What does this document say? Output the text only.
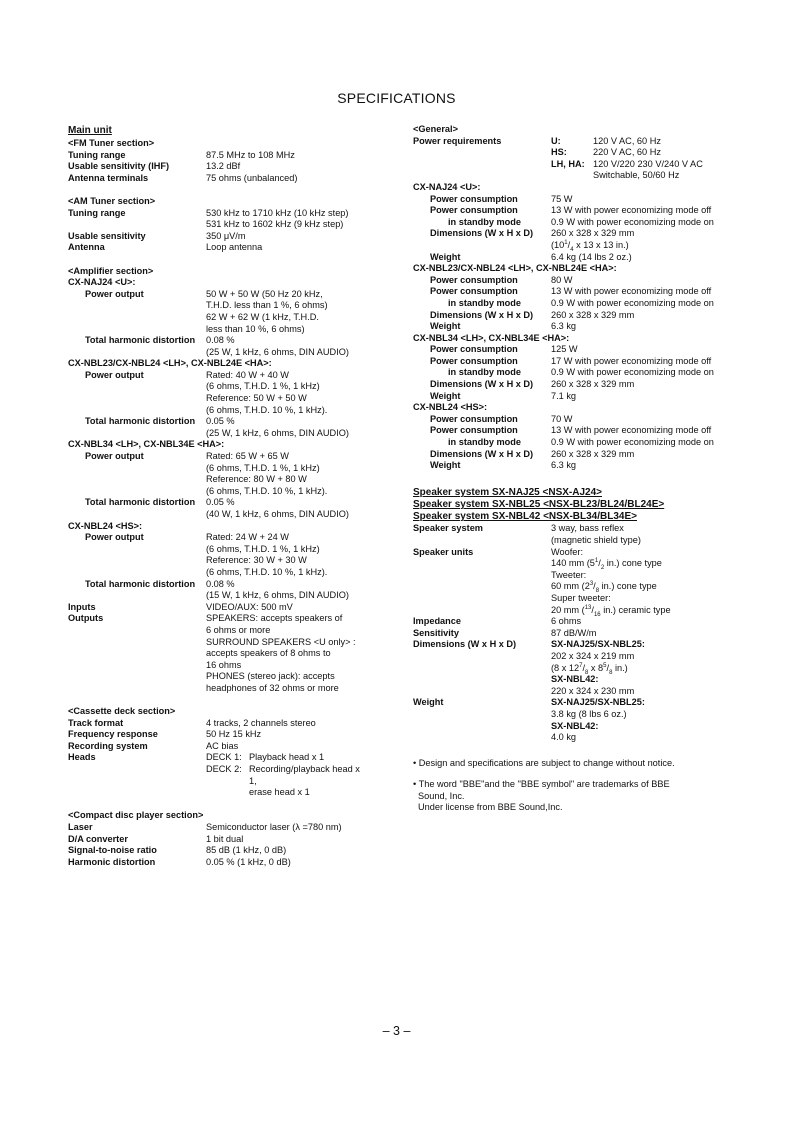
SPECIFICATIONS
Main unit
<FM Tuner section>
Tuning range	87.5 MHz to 108 MHz
Usable sensitivity (IHF)	13.2 dBf
Antenna terminals	75 ohms (unbalanced)
<AM Tuner section>
Tuning range	530 kHz to 1710 kHz (10 kHz step)
531 kHz to 1602 kHz (9 kHz step)
Usable sensitivity	350 μV/m
Antenna	Loop antenna
<Amplifier section>
CX-NAJ24 <U>:
Power output	50 W + 50 W (50 Hz 20 kHz,
T.H.D. less than 1 %, 6 ohms)
62 W + 62 W (1 kHz, T.H.D.
less than 10 %, 6 ohms)
Total harmonic distortion	0.08 %
(25 W, 1 kHz, 6 ohms, DIN AUDIO)
CX-NBL23/CX-NBL24 <LH>, CX-NBL24E <HA>:
Power output	Rated: 40 W + 40 W
(6 ohms, T.H.D. 1 %, 1 kHz)
Reference: 50 W + 50 W
(6 ohms, T.H.D. 10 %, 1 kHz).
Total harmonic distortion	0.05 %
(25 W, 1 kHz, 6 ohms, DIN AUDIO)
CX-NBL34 <LH>, CX-NBL34E <HA>:
Power output	Rated: 65 W + 65 W
(6 ohms, T.H.D. 1 %, 1 kHz)
Reference: 80 W + 80 W
(6 ohms, T.H.D. 10 %, 1 kHz).
Total harmonic distortion	0.05 %
(40 W, 1 kHz, 6 ohms, DIN AUDIO)
CX-NBL24 <HS>:
Power output	Rated: 24 W + 24 W
(6 ohms, T.H.D. 1 %, 1 kHz)
Reference: 30 W + 30 W
(6 ohms, T.H.D. 10 %, 1 kHz).
Total harmonic distortion	0.08 %
(15 W, 1 kHz, 6 ohms, DIN AUDIO)
Inputs	VIDEO/AUX: 500 mV
Outputs	SPEAKERS: accepts speakers of
6 ohms or more
SURROUND SPEAKERS <U only> :
accepts speakers of 8 ohms to
16 ohms
PHONES (stereo jack): accepts
headphones of 32 ohms or more
<Cassette deck section>
Track format	4 tracks, 2 channels stereo
Frequency response	50 Hz 15 kHz
Recording system	AC bias
Heads	DECK 1: Playback head x 1
DECK 2: Recording/playback head x 1,
erase head x 1
<Compact disc player section>
Laser	Semiconductor laser (λ =780 nm)
D/A converter	1 bit dual
Signal-to-noise ratio	85 dB (1 kHz, 0 dB)
Harmonic distortion	0.05 % (1 kHz, 0 dB)
<General>
Power requirements	U:	120 V AC, 60 Hz
HS:	220 V AC, 60 Hz
LH, HA: 120 V/220 230 V/240 V AC
Switchable, 50/60 Hz
CX-NAJ24 <U>:
Power consumption	75 W
Power consumption	13 W with power economizing mode off
in standby mode	0.9 W with power economizing mode on
Dimensions (W x H x D)	260 x 328 x 329 mm
($10^1/_4$ x 13 x 13 in.)
Weight	6.4 kg (14 lbs 2 oz.)
CX-NBL23/CX-NBL24 <LH>, CX-NBL24E <HA>:
Power consumption	80 W
Power consumption	13 W with power economizing mode off
in standby mode	0.9 W with power economizing mode on
Dimensions (W x H x D)	260 x 328 x 329 mm
Weight	6.3 kg
CX-NBL34 <LH>, CX-NBL34E <HA>:
Power consumption	125 W
Power consumption	17 W with power economizing mode off
in standby mode	0.9 W with power economizing mode on
Dimensions (W x H x D)	260 x 328 x 329 mm
Weight	7.1 kg
CX-NBL24 <HS>:
Power consumption	70 W
Power consumption	13 W with power economizing mode off
in standby mode	0.9 W with power economizing mode on
Dimensions (W x H x D)	260 x 328 x 329 mm
Weight	6.3 kg
Speaker system SX-NAJ25 <NSX-AJ24>
Speaker system SX-NBL25 <NSX-BL23/BL24/BL24E>
Speaker system SX-NBL42 <NSX-BL34/BL34E>
Speaker system	3 way, bass reflex
(magnetic shield type)
Speaker units	Woofer:
140 mm ($5^1/_2$ in.) cone type
Tweeter:
60 mm ($2^3/_8$ in.) cone type
Super tweeter:
20 mm ($^{13}/_{16}$ in.) ceramic type
Impedance	6 ohms
Sensitivity	87 dB/W/m
Dimensions (W x H x D)	SX-NAJ25/SX-NBL25:
202 x 324 x 219 mm
(8 x $12^7/_8$ x $8^5/_8$ in.)
SX-NBL42:
220 x 324 x 230 mm
Weight	SX-NAJ25/SX-NBL25:
3.8 kg (8 lbs 6 oz.)
SX-NBL42:
4.0 kg
• Design and specifications are subject to change without notice.
• The word "BBE"and the "BBE symbol" are trademarks of BBE
Sound, Inc.
Under license from BBE Sound,Inc.
– 3 –
